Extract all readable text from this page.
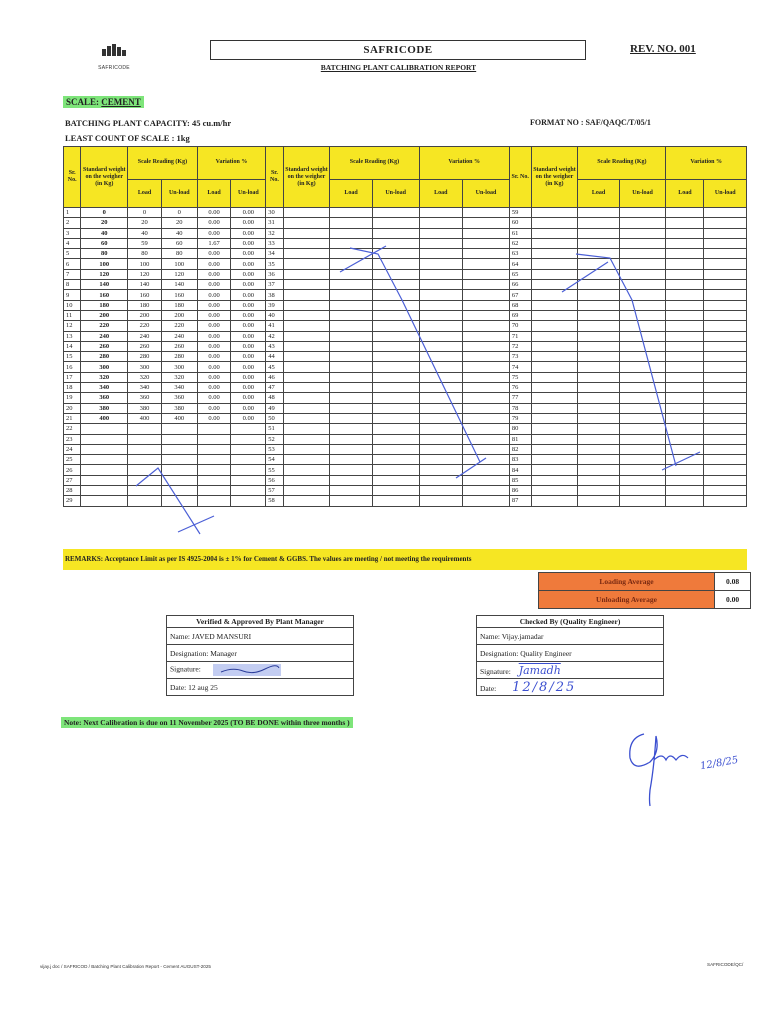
SAFRICODE
SAFRICODE
BATCHING PLANT CALIBRATION REPORT
REV. NO. 001
SCALE: CEMENT
BATCHING PLANT CAPACITY: 45 cu.m/hr
LEAST COUNT OF SCALE : 1kg
FORMAT NO : SAF/QAQC/T/05/1
Sr. No.	Standard weight on the weigher (in Kg)	Scale Reading (Kg)		Variation %		Sr. No.	Standard weight on the weigher (in Kg)	Scale Reading (Kg)		Variation %		Sr. No.	Standard weight on the weigher (in Kg)	Scale Reading (Kg)		Variation %	
		Load	Un-load	Load	Un-load			Load	Un-load	Load	Un-load			Load	Un-load	Load	Un-load
1	0	0	0	0.00	0.00	30						59					
2	20	20	20	0.00	0.00	31						60					
3	40	40	40	0.00	0.00	32						61					
4	60	59	60	1.67	0.00	33						62					
5	80	80	80	0.00	0.00	34						63					
6	100	100	100	0.00	0.00	35						64					
7	120	120	120	0.00	0.00	36						65					
8	140	140	140	0.00	0.00	37						66					
9	160	160	160	0.00	0.00	38						67					
10	180	180	180	0.00	0.00	39						68					
11	200	200	200	0.00	0.00	40						69					
12	220	220	220	0.00	0.00	41						70					
13	240	240	240	0.00	0.00	42						71					
14	260	260	260	0.00	0.00	43						72					
15	280	280	280	0.00	0.00	44						73					
16	300	300	300	0.00	0.00	45						74					
17	320	320	320	0.00	0.00	46						75					
18	340	340	340	0.00	0.00	47						76					
19	360	360	360	0.00	0.00	48						77					
20	380	380	380	0.00	0.00	49						78					
21	400	400	400	0.00	0.00	50						79					
22						51						80					
23						52						81					
24						53						82					
25						54						83					
26						55						84					
27						56						85					
28						57						86					
29						58						87					
REMARKS: Acceptance Limit as per IS 4925-2004 is ± 1% for Cement & GGBS. The values are meeting / not meeting the requirements
Loading Average	0.08
Unloading Average	0.00
Verified & Approved By Plant Manager
Name: JAVED MANSURI
Designation: Manager
Signature:
Date: 12 aug 25
Checked By (Quality Engineer)
Name: Vijay.jamadar
Designation: Quality Engineer
Signature: Jamadh
Date: 12/8/25
Note: Next Calibration is due on 11 November 2025 (TO BE DONE within three months )
12/8/25
vijay.j doc / SAFRICOD / Batching Plant Calibration Report - Cement AUGUST-2025	SAFRICODE/QC/
